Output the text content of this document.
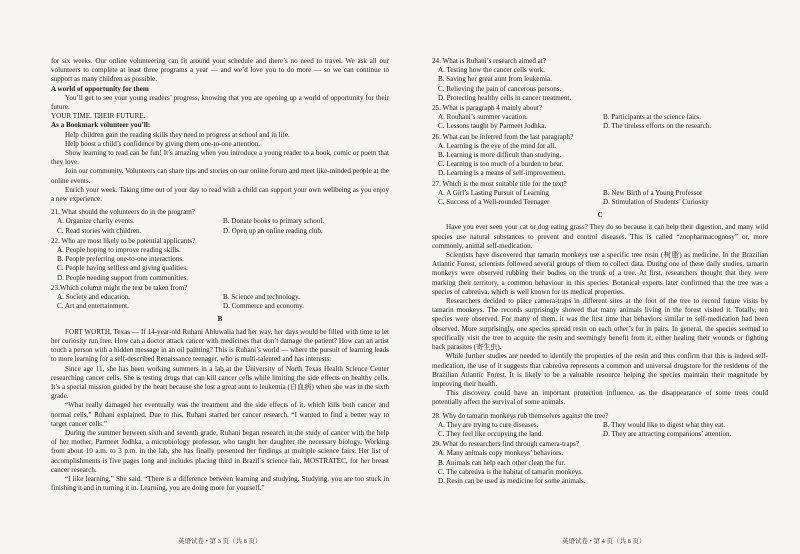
for six weeks. Our online volunteering can fit around your schedule and there’s no need to travel. We ask all our volunteers to complete at least three programs a year — and we’d love you to do more — so we can continue to support as many children as possible.

A world of opportunity for them

You’ll get to see your young readers’ progress, knowing that you are opening up a world of opportunity for their future.

YOUR TIME. THEIR FUTURE.

As a Bookmark volunteer you’ll:

Help children gain the reading skills they need to progress at school and in life.

Help boost a child’s confidence by giving them one-to-one attention.

Show learning to read can be fun! It’s amazing when you introduce a young reader to a book, comic or poem that they love.

Join our community. Volunteers can share tips and stories on our online forum and meet like-minded people at the online events.

Enrich your week. Taking time out of your day to read with a child can support your own wellbeing as you enjoy a new experience.

21. What should the volunteers do in the program?

A. Organize charity events.	B. Donate books to primary school.
C. Read stories with children.	D. Open up an online reading club.

22. Who are most likely to be potential applicants?

A. People hoping to improve reading skills.

B. People preferring one-to-one interactions.

C. People having selfless and giving qualities.

D. People needing support from communities.

23.Which column might the text be taken from?

A. Society and education.	B. Science and technology.
C. Art and entertainment.	D. Commerce and economy.

B

FORT WORTH, Texas — If 14-year-old Ruhani Ahluwalia had her way, her days would be filled with time to let her curiosity run free. How can a doctor attack cancer with medicines that don’t damage the patient? How can an artist touch a person with a hidden message in an oil painting? This is Ruhani’s world — where the pursuit of learning leads to more learning for a self-described Renaissance teenager, who is multi-talented and has interests.

Since age 11, she has been working summers in a lab at the University of North Texas Health Science Center researching cancer cells. She is testing drugs that can kill cancer cells while limiting the side effects on healthy cells. It’s a special mission guided by the heart because she lost a great aunt to leukemia (白血病) when she was in the sixth grade.

“What really damaged her eventually was the treatment and the side effects of it, which kills both cancer and normal cells,” Ruhani explained. Due to this, Ruhani started her cancer research. “I wanted to find a better way to target cancer cells.”

During the summer between sixth and seventh grade, Ruhani began research in the study of cancer with the help of her mother, Parmeet Jodhka, a microbiology professor, who taught her daughter the necessary biology. Working from about 10 a.m. to 3 p.m. in the lab, she has finally presented her findings at multiple science fairs. Her list of accomplishments is five pages long and includes placing third in Brazil’s science fair, MOSTRATEC, for her breast cancer research.

“I like learning,” She said. “There is a difference between learning and studying. Studying, you are too stuck in finishing it and in turning it in. Learning, you are doing more for yourself.”

英语试卷 • 第 3 页（共 8 页）

24. What is Ruhani’s research aimed at?

A. Testing how the cancer cells work.

B. Saving her great aunt from leukemia.

C. Relieving the pain of cancerous persons.

D. Protecting healthy cells in cancer treatment.

25. What is paragraph 4 mainly about?

A. Rouhani’s summer vacation.	B. Participants at the science fairs.
C. Lessons taught by Parmeet Jodhka.	D. The tireless efforts on the research.

26. What can be inferred from the last paragraph?

A. Learning is the eye of the mind for all.

B. Learning is more difficult than studying.

C. Learning is too much of a burden to bear.

D. Learning is a means of self-improvement.

27. Which is the most suitable title for the text?

A. A Girl’s Lasting Pursuit of Learning	B. New Birth of a Young Professor
C. Success of a Well-rounded Teenager	D. Stimulation of Students’ Curiosity

C

Have you ever seen your cat or dog eating grass? They do so because it can help their digestion, and many wild species use natural substances to prevent and control diseases. This is called “zoopharmacognosy” or, more commonly, animal self-medication.

Scientists have discovered that tamarin monkeys use a specific tree resin (树脂) as medicine. In the Brazilian Atlantic Forest, scientists followed several groups of them to collect data. During one of these daily studies, tamarin monkeys were observed rubbing their bodies on the trunk of a tree. At first, researchers thought that they were marking their territory, a common behaviour in this species. Botanical experts later confirmed that the tree was a species of cabreúva, which is well known for its medical properties.

Researchers decided to place camera-traps in different sites at the foot of the tree to record future visits by tamarin monkeys. The records surprisingly showed that many animals living in the forest visited it. Totally, ten species were observed. For many of them, it was the first time that behaviors similar to self-medication had been observed. More surprisingly, one species spread resin on each other’s fur in pairs. In general, the species seemed to specifically visit the tree to acquire the resin and seemingly benefit from it, either healing their wounds or fighting back parasites (寄生虫).

While further studies are needed to identify the properties of the resin and thus confirm that this is indeed self-medication, the use of it suggests that cabreúva represents a common and universal drugstore for the residents of the Brazilian Atlantic Forest. It is likely to be a valuable resource helping the species maintain their magnitude by improving their health.

This discovery could have an important protection influence, as the disappearance of some trees could potentially affect the survival of some animals.

28. Why do tamarin monkeys rub themselves against the tree?

A. They are trying to cure diseases.	B. They would like to digest what they eat.
C. They feel like occupying the land.	D. They are attracting companions’ attention.

29. What do researchers find through camera-traps?

A. Many animals copy monkeys’ behaviors.

B. Animals can help each other clean the fur.

C. The cabreúva is the habitat of tamarin monkeys.

D. Resin can be used as medicine for some animals.

英语试卷 • 第 4 页（共 8 页）
